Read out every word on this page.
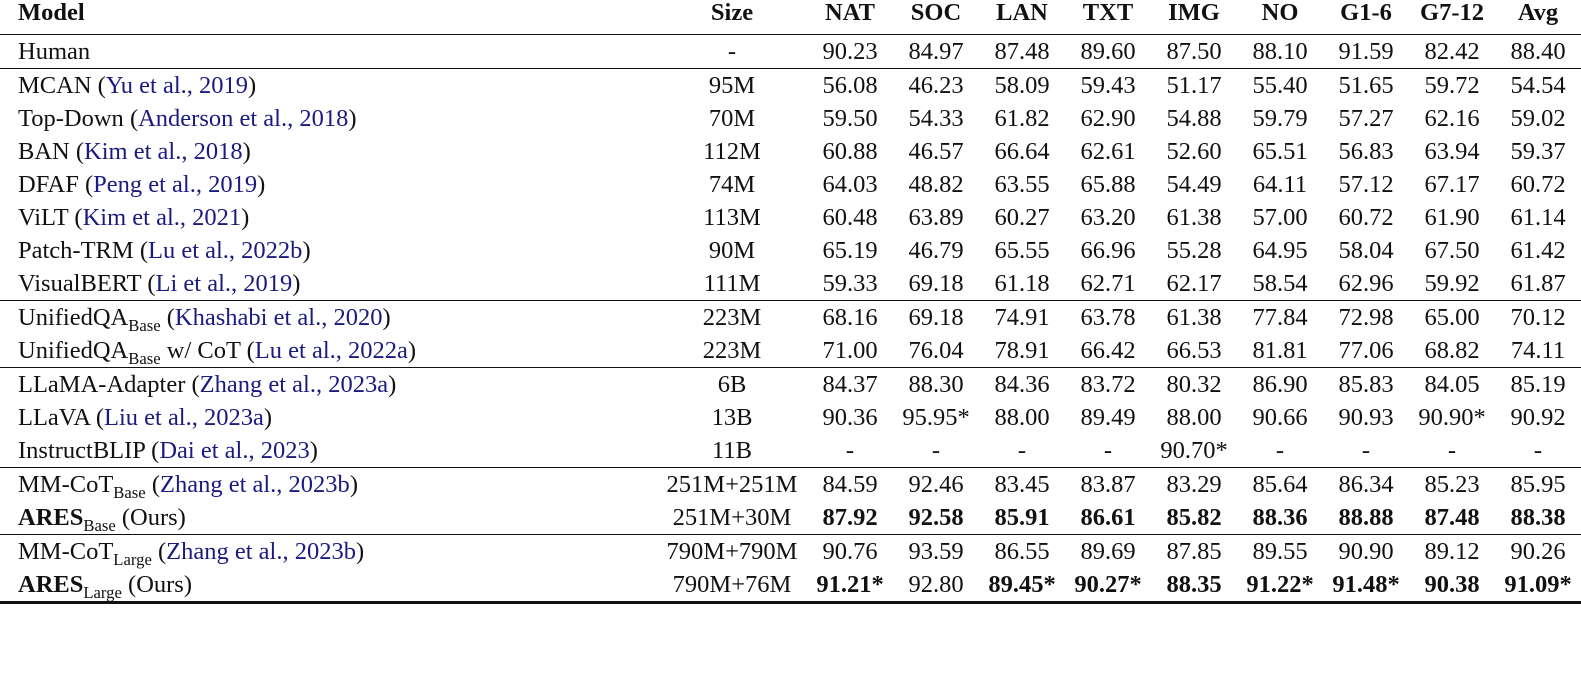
Model	Size	NAT	SOC	LAN	TXT	IMG	NO	G1-6	G7-12	Avg
Human	-	90.23	84.97	87.48	89.60	87.50	88.10	91.59	82.42	88.40
MCAN (Yu et al., 2019)	95M	56.08	46.23	58.09	59.43	51.17	55.40	51.65	59.72	54.54
Top-Down (Anderson et al., 2018)	70M	59.50	54.33	61.82	62.90	54.88	59.79	57.27	62.16	59.02
BAN (Kim et al., 2018)	112M	60.88	46.57	66.64	62.61	52.60	65.51	56.83	63.94	59.37
DFAF (Peng et al., 2019)	74M	64.03	48.82	63.55	65.88	54.49	64.11	57.12	67.17	60.72
ViLT (Kim et al., 2021)	113M	60.48	63.89	60.27	63.20	61.38	57.00	60.72	61.90	61.14
Patch-TRM (Lu et al., 2022b)	90M	65.19	46.79	65.55	66.96	55.28	64.95	58.04	67.50	61.42
VisualBERT (Li et al., 2019)	111M	59.33	69.18	61.18	62.71	62.17	58.54	62.96	59.92	61.87
UnifiedQA$_{Base}$ (Khashabi et al., 2020)	223M	68.16	69.18	74.91	63.78	61.38	77.84	72.98	65.00	70.12
UnifiedQA$_{Base}$ w/ CoT (Lu et al., 2022a)	223M	71.00	76.04	78.91	66.42	66.53	81.81	77.06	68.82	74.11
LLaMA-Adapter (Zhang et al., 2023a)	6B	84.37	88.30	84.36	83.72	80.32	86.90	85.83	84.05	85.19
LLaVA (Liu et al., 2023a)	13B	90.36	95.95*	88.00	89.49	88.00	90.66	90.93	90.90*	90.92
InstructBLIP (Dai et al., 2023)	11B	-	-	-	-	90.70*	-	-	-	-
MM-CoT$_{Base}$ (Zhang et al., 2023b)	251M+251M	84.59	92.46	83.45	83.87	83.29	85.64	86.34	85.23	85.95
$ARES_{Base}$ (Ours)	251M+30M	87.92	92.58	85.91	86.61	85.82	88.36	88.88	87.48	88.38
MM-CoT$_{Large}$ (Zhang et al., 2023b)	790M+790M	90.76	93.59	86.55	89.69	87.85	89.55	90.90	89.12	90.26
$ARES_{Large}$ (Ours)	790M+76M	91.21*	92.80	89.45*	90.27*	88.35	91.22*	91.48*	90.38	91.09*
